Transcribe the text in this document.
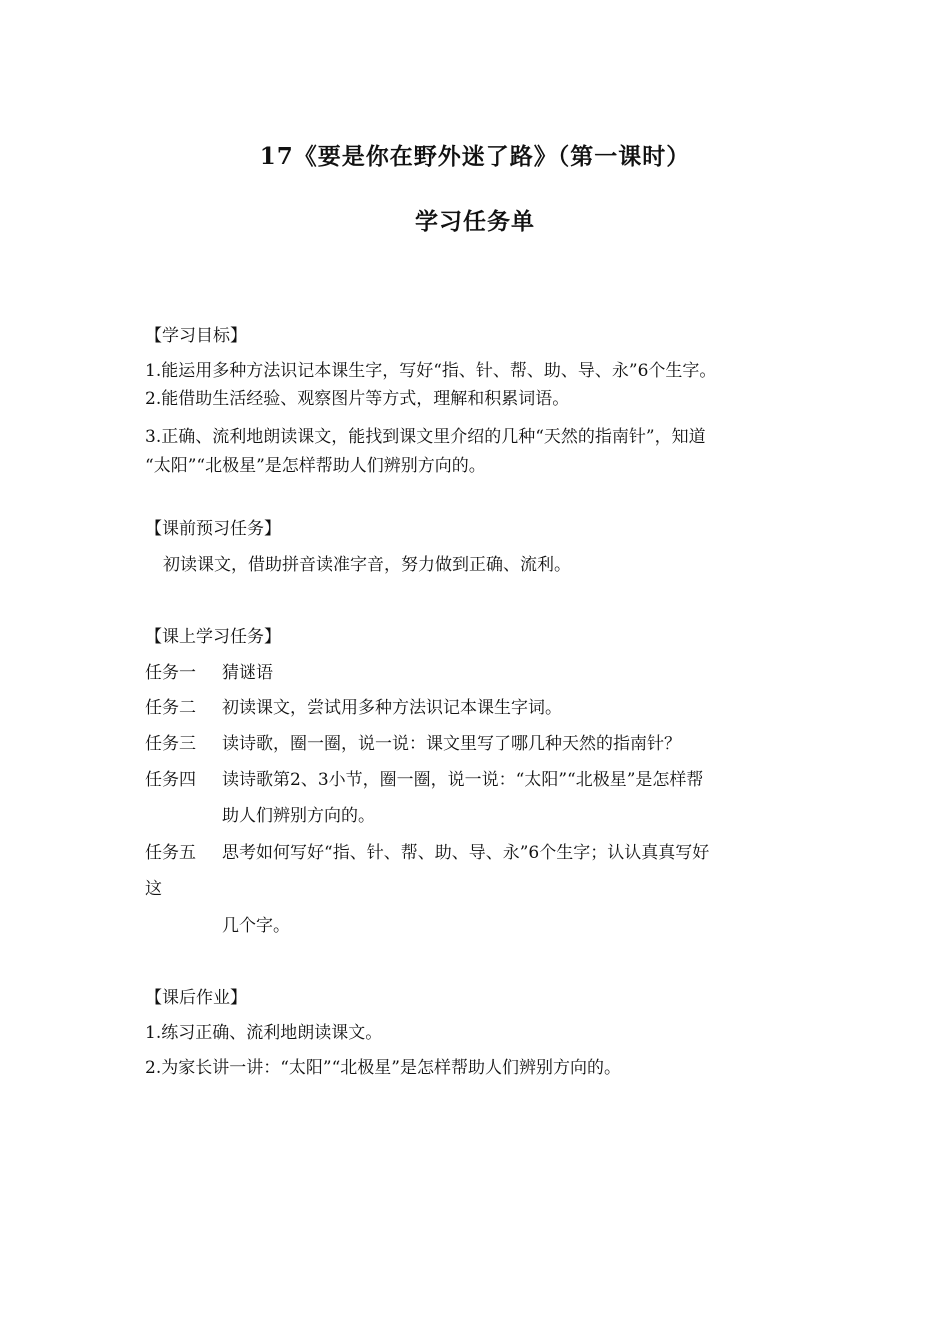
17《要是你在野外迷了路》（第一课时）
学习任务单
【学习目标】
1.能运用多种方法识记本课生字，写好“指、针、帮、助、导、永”6个生字。
2.能借助生活经验、观察图片等方式，理解和积累词语。
3.正确、流利地朗读课文，能找到课文里介绍的几种“天然的指南针”，知道
“太阳”“北极星”是怎样帮助人们辨别方向的。
【课前预习任务】
初读课文，借助拼音读准字音，努力做到正确、流利。
【课上学习任务】
任务一 猜谜语
任务二 初读课文，尝试用多种方法识记本课生字词。
任务三 读诗歌，圈一圈，说一说：课文里写了哪几种天然的指南针？
任务四 读诗歌第2、3小节，圈一圈，说一说：“太阳”“北极星”是怎样帮
助人们辨别方向的。
任务五 思考如何写好“指、针、帮、助、导、永”6个生字；认认真真写好
这
几个字。
【课后作业】
1.练习正确、流利地朗读课文。
2.为家长讲一讲：“太阳”“北极星”是怎样帮助人们辨别方向的。
